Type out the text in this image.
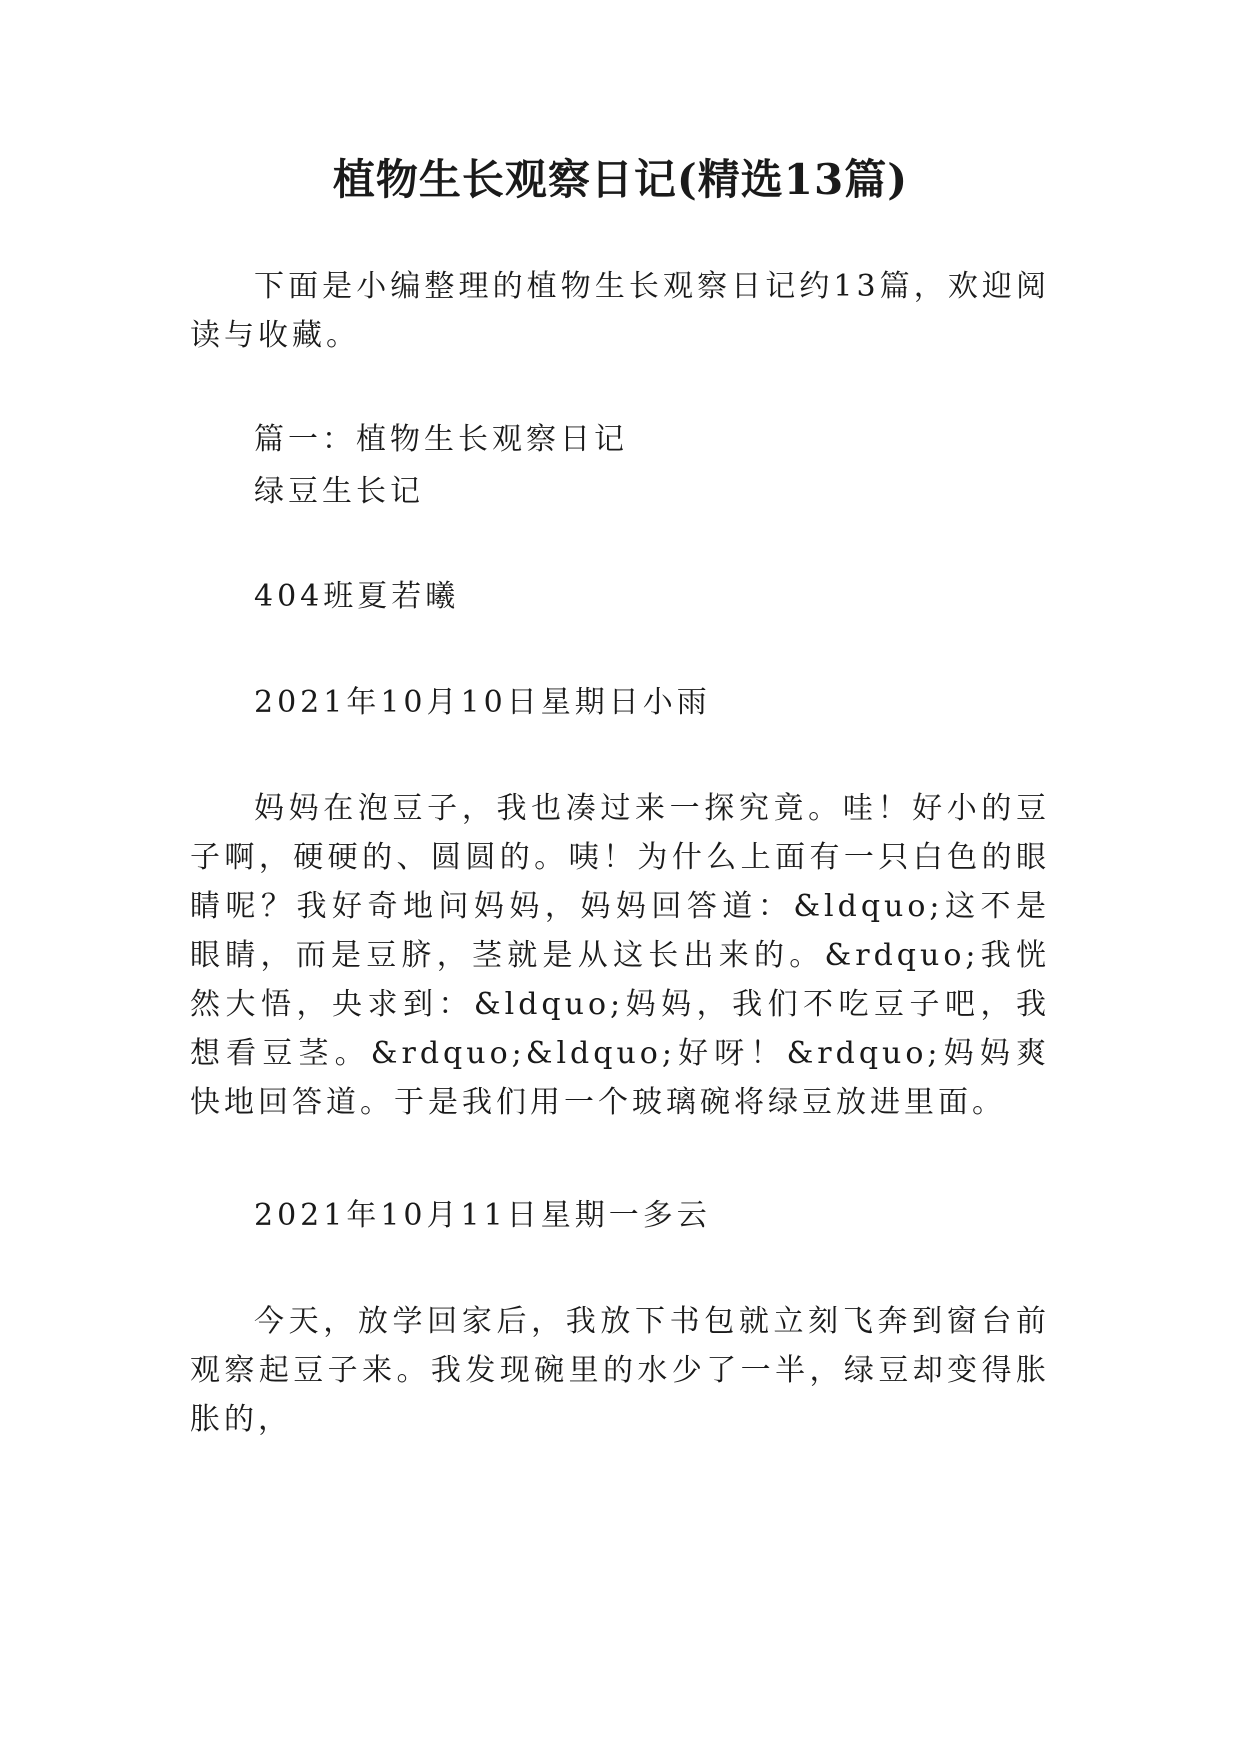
植物生长观察日记(精选13篇)

下面是小编整理的植物生长观察日记约13篇，欢迎阅读与收藏。

篇一：植物生长观察日记

绿豆生长记

404班夏若曦

2021年10月10日星期日小雨

妈妈在泡豆子，我也凑过来一探究竟。哇！好小的豆子啊，硬硬的、圆圆的。咦！为什么上面有一只白色的眼睛呢？我好奇地问妈妈，妈妈回答道：&ldquo;这不是眼睛，而是豆脐，茎就是从这长出来的。&rdquo;我恍然大悟，央求到：&ldquo;妈妈，我们不吃豆子吧，我想看豆茎。&rdquo;&ldquo;好呀！&rdquo;妈妈爽快地回答道。于是我们用一个玻璃碗将绿豆放进里面。

2021年10月11日星期一多云

今天，放学回家后，我放下书包就立刻飞奔到窗台前观察起豆子来。我发现碗里的水少了一半，绿豆却变得胀胀的，
